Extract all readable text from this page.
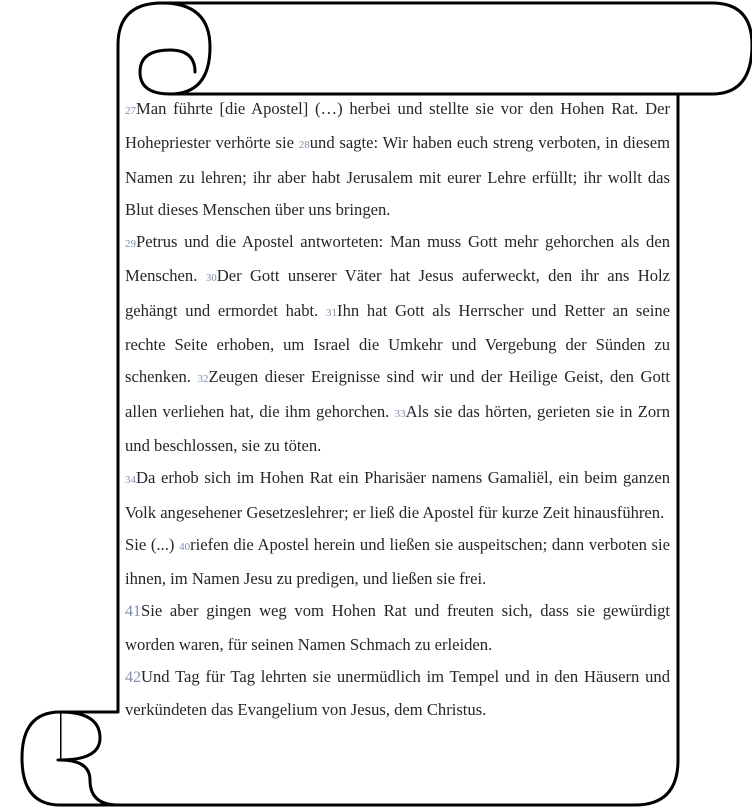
27Man führte [die Apostel] (…) herbei und stellte sie vor den Hohen Rat. Der Hohepriester verhörte sie 28und sagte: Wir haben euch streng verboten, in diesem Namen zu lehren; ihr aber habt Jerusalem mit eurer Lehre erfüllt; ihr wollt das Blut dieses Menschen über uns bringen.

29Petrus und die Apostel antworteten: Man muss Gott mehr gehorchen als den Menschen. 30Der Gott unserer Väter hat Jesus auferweckt, den ihr ans Holz gehängt und ermordet habt. 31Ihn hat Gott als Herrscher und Retter an seine rechte Seite erhoben, um Israel die Umkehr und Vergebung der Sünden zu schenken. 32Zeugen dieser Ereignisse sind wir und der Heilige Geist, den Gott allen verliehen hat, die ihm gehorchen. 33Als sie das hörten, gerieten sie in Zorn und beschlossen, sie zu töten.

34Da erhob sich im Hohen Rat ein Pharisäer namens Gamaliël, ein beim ganzen Volk angesehener Gesetzeslehrer; er ließ die Apostel für kurze Zeit hinausführen.

Sie (...) 40riefen die Apostel herein und ließen sie auspeitschen; dann verboten sie ihnen, im Namen Jesu zu predigen, und ließen sie frei.

41Sie aber gingen weg vom Hohen Rat und freuten sich, dass sie gewürdigt worden waren, für seinen Namen Schmach zu erleiden.

42Und Tag für Tag lehrten sie unermüdlich im Tempel und in den Häusern und verkündeten das Evangelium von Jesus, dem Christus.
